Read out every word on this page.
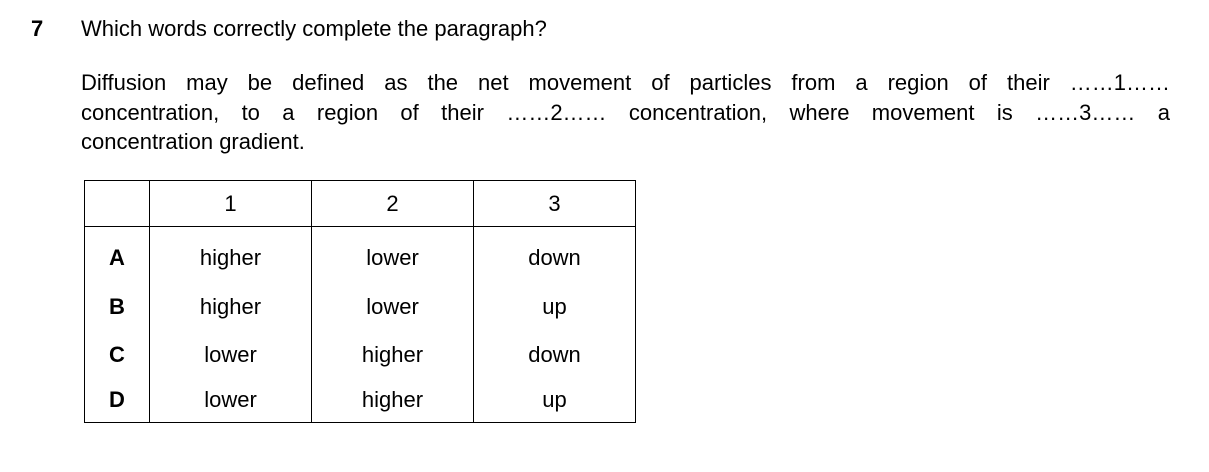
7 Which words correctly complete the paragraph?
Diffusion may be defined as the net movement of particles from a region of their ……1……
concentration, to a region of their ……2…… concentration, where movement is ……3…… a
concentration gradient.
	1	2	3
A	higher	lower	down
B	higher	lower	up
C	lower	higher	down
D	lower	higher	up
